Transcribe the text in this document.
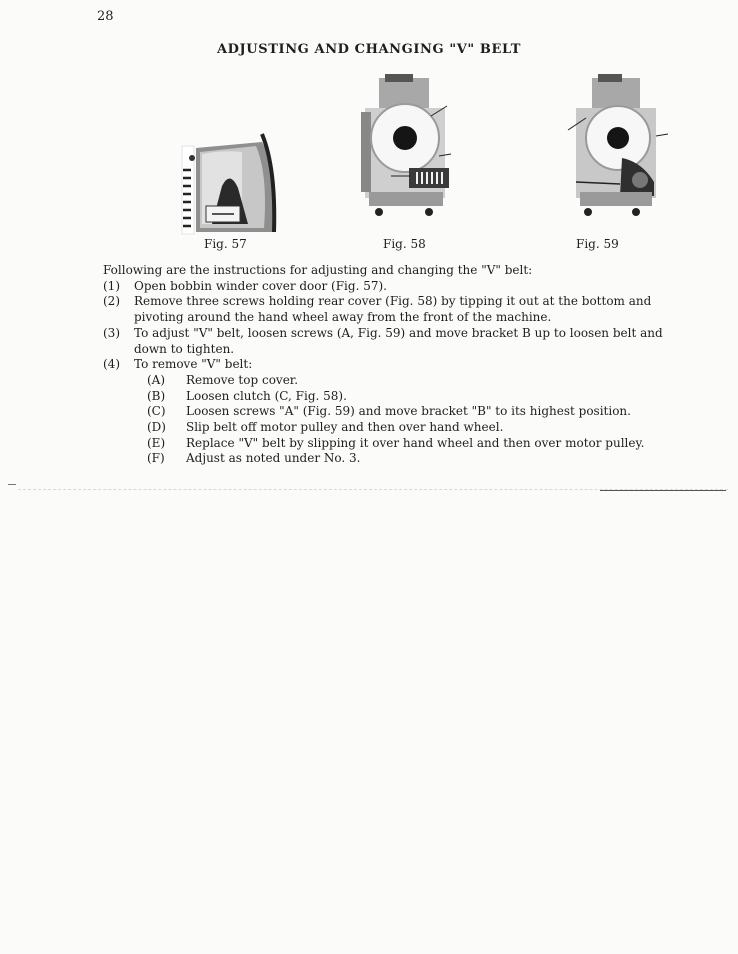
28
ADJUSTING AND CHANGING "V" BELT
Fig. 57	Fig. 58	Fig. 59
Following are the instructions for adjusting and changing the "V" belt:
(1)	Open bobbin winder cover door (Fig. 57).
(2)	Remove three screws holding rear cover (Fig. 58) by tipping it out at the bottom and
pivoting around the hand wheel away from the front of the machine.
(3)	To adjust "V" belt, loosen screws (A, Fig. 59) and move bracket B up to loosen belt and
down to tighten.
(4)	To remove "V" belt:
(A)	Remove top cover.
(B)	Loosen clutch (C, Fig. 58).
(C)	Loosen screws "A" (Fig. 59) and move bracket "B" to its highest position.
(D)	Slip belt off motor pulley and then over hand wheel.
(E)	Replace "V" belt by slipping it over hand wheel and then over motor pulley.
(F)	Adjust as noted under No. 3.
